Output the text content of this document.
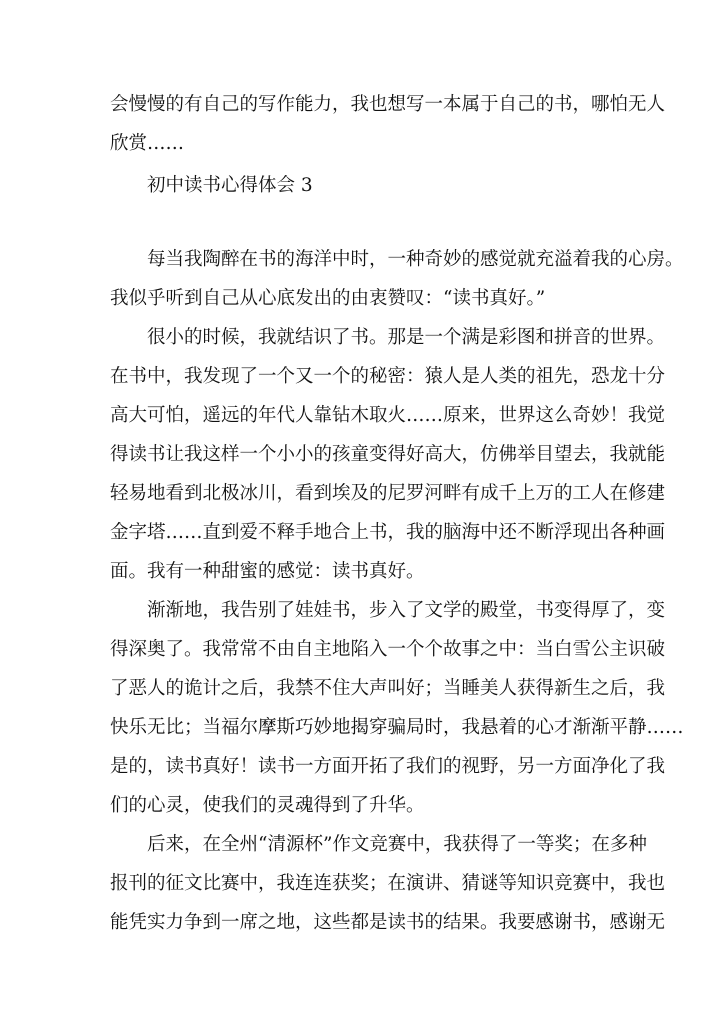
会慢慢的有自己的写作能力，我也想写一本属于自己的书，哪怕无人
欣赏……
初中读书心得体会 3
每当我陶醉在书的海洋中时，一种奇妙的感觉就充溢着我的心房。
我似乎听到自己从心底发出的由衷赞叹：“读书真好。”
很小的时候，我就结识了书。那是一个满是彩图和拼音的世界。
在书中，我发现了一个又一个的秘密：猿人是人类的祖先，恐龙十分
高大可怕，遥远的年代人靠钻木取火……原来，世界这么奇妙！我觉
得读书让我这样一个小小的孩童变得好高大，仿佛举目望去，我就能
轻易地看到北极冰川，看到埃及的尼罗河畔有成千上万的工人在修建
金字塔……直到爱不释手地合上书，我的脑海中还不断浮现出各种画
面。我有一种甜蜜的感觉：读书真好。
渐渐地，我告别了娃娃书，步入了文学的殿堂，书变得厚了，变
得深奥了。我常常不由自主地陷入一个个故事之中：当白雪公主识破
了恶人的诡计之后，我禁不住大声叫好；当睡美人获得新生之后，我
快乐无比；当福尔摩斯巧妙地揭穿骗局时，我悬着的心才渐渐平静……
是的，读书真好！读书一方面开拓了我们的视野，另一方面净化了我
们的心灵，使我们的灵魂得到了升华。
后来，在全州“清源杯”作文竞赛中，我获得了一等奖；在多种
报刊的征文比赛中，我连连获奖；在演讲、猜谜等知识竞赛中，我也
能凭实力争到一席之地，这些都是读书的结果。我要感谢书，感谢无
